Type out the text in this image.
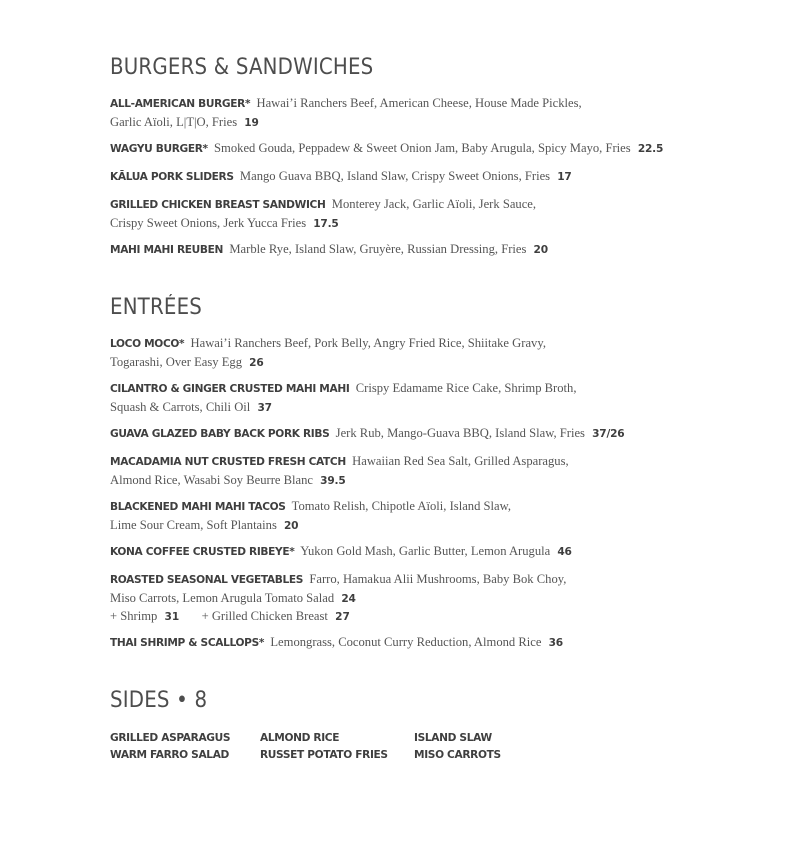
BURGERS & SANDWICHES
ALL-AMERICAN BURGER* Hawai’i Ranchers Beef, American Cheese, House Made Pickles,
Garlic Aïoli, L|T|O, Fries 19
WAGYU BURGER* Smoked Gouda, Peppadew & Sweet Onion Jam, Baby Arugula, Spicy Mayo, Fries 22.5
KĀLUA PORK SLIDERS Mango Guava BBQ, Island Slaw, Crispy Sweet Onions, Fries 17
GRILLED CHICKEN BREAST SANDWICH Monterey Jack, Garlic Aïoli, Jerk Sauce,
Crispy Sweet Onions, Jerk Yucca Fries 17.5
MAHI MAHI REUBEN Marble Rye, Island Slaw, Gruyère, Russian Dressing, Fries 20
ENTRÉES
LOCO MOCO* Hawai’i Ranchers Beef, Pork Belly, Angry Fried Rice, Shiitake Gravy,
Togarashi, Over Easy Egg 26
CILANTRO & GINGER CRUSTED MAHI MAHI Crispy Edamame Rice Cake, Shrimp Broth,
Squash & Carrots, Chili Oil 37
GUAVA GLAZED BABY BACK PORK RIBS Jerk Rub, Mango-Guava BBQ, Island Slaw, Fries 37/26
MACADAMIA NUT CRUSTED FRESH CATCH Hawaiian Red Sea Salt, Grilled Asparagus,
Almond Rice, Wasabi Soy Beurre Blanc 39.5
BLACKENED MAHI MAHI TACOS Tomato Relish, Chipotle Aïoli, Island Slaw,
Lime Sour Cream, Soft Plantains 20
KONA COFFEE CRUSTED RIBEYE* Yukon Gold Mash, Garlic Butter, Lemon Arugula 46
ROASTED SEASONAL VEGETABLES Farro, Hamakua Alii Mushrooms, Baby Bok Choy,
Miso Carrots, Lemon Arugula Tomato Salad 24
+ Shrimp 31 + Grilled Chicken Breast 27
THAI SHRIMP & SCALLOPS* Lemongrass, Coconut Curry Reduction, Almond Rice 36
SIDES • 8
GRILLED ASPARAGUS
WARM FARRO SALAD
ALMOND RICE
RUSSET POTATO FRIES
ISLAND SLAW
MISO CARROTS
